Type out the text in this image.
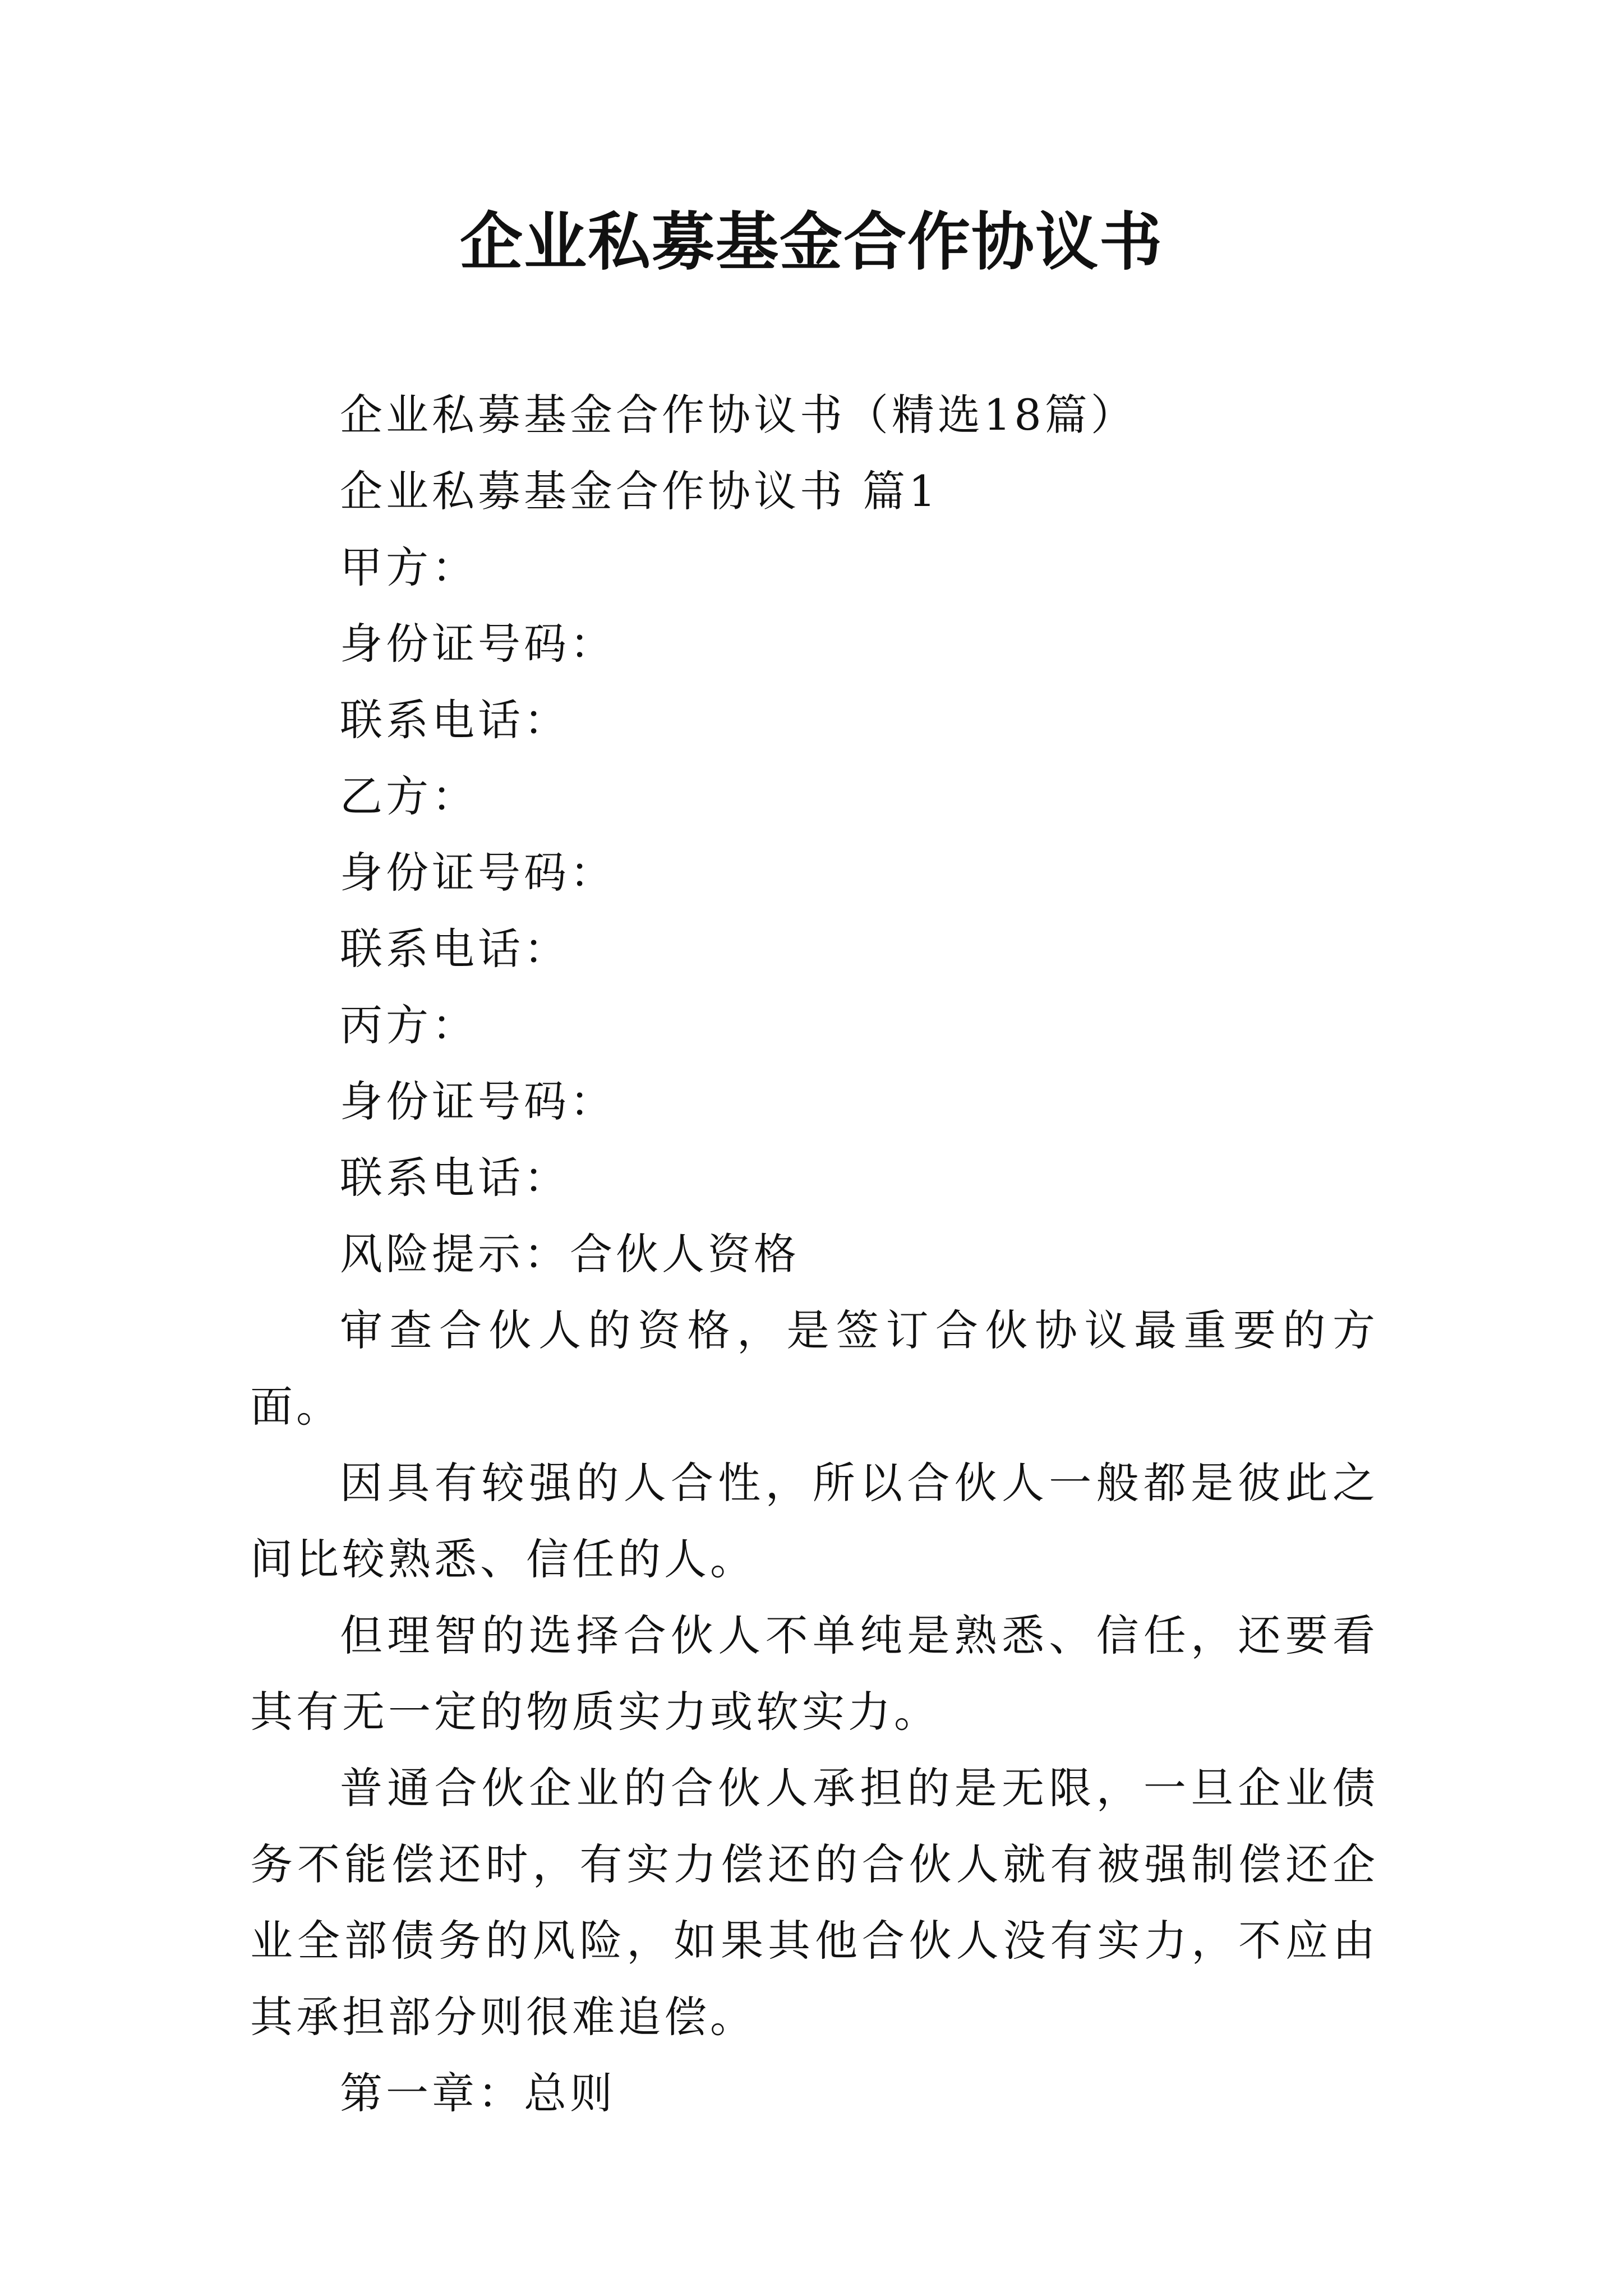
企业私募基金合作协议书

企业私募基金合作协议书（精选18篇）

企业私募基金合作协议书 篇1

甲方：

身份证号码：

联系电话：

乙方：

身份证号码：

联系电话：

丙方：

身份证号码：

联系电话：

风险提示：合伙人资格

审查合伙人的资格，是签订合伙协议最重要的方面。

因具有较强的人合性，所以合伙人一般都是彼此之间比较熟悉、信任的人。

但理智的选择合伙人不单纯是熟悉、信任，还要看其有无一定的物质实力或软实力。

普通合伙企业的合伙人承担的是无限，一旦企业债务不能偿还时，有实力偿还的合伙人就有被强制偿还企业全部债务的风险，如果其他合伙人没有实力，不应由其承担部分则很难追偿。

第一章：总则
